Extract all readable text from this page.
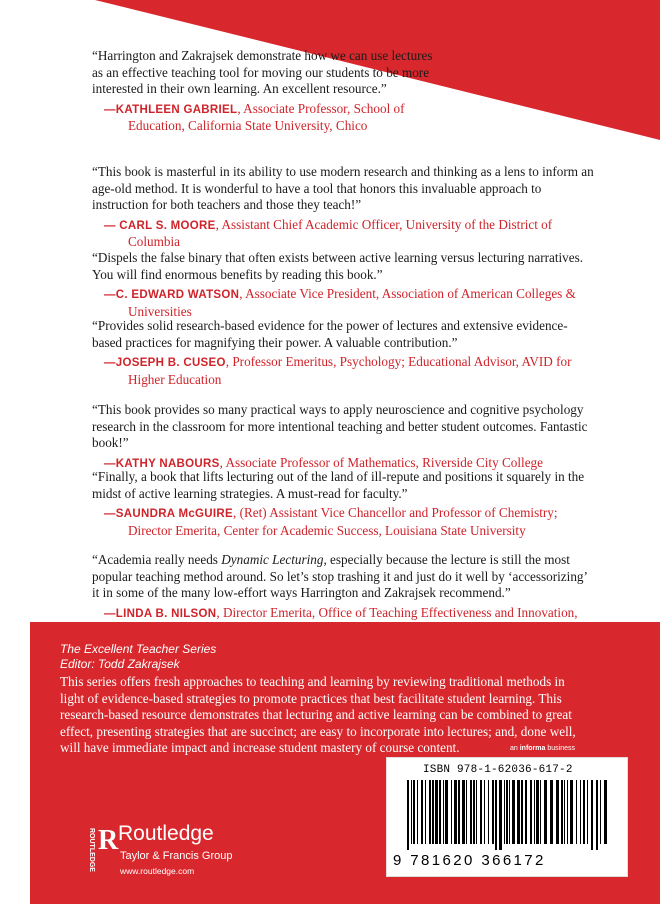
“Harrington and Zakrajsek demonstrate how we can use lectures as an effective teaching tool for moving our students to be more interested in their own learning. An excellent resource.”

—KATHLEEN GABRIEL, Associate Professor, School of Education, California State University, Chico

“This book is masterful in its ability to use modern research and thinking as a lens to inform an age-old method. It is wonderful to have a tool that honors this invaluable approach to instruction for both teachers and those they teach!”

— CARL S. MOORE, Assistant Chief Academic Officer, University of the District of Columbia

“Dispels the false binary that often exists between active learning versus lecturing narratives. You will find enormous benefits by reading this book.”

—C. EDWARD WATSON, Associate Vice President, Association of American Colleges & Universities

“Provides solid research-based evidence for the power of lectures and extensive evidence-based practices for magnifying their power. A valuable contribution.”

—JOSEPH B. CUSEO, Professor Emeritus, Psychology; Educational Advisor, AVID for Higher Education

“This book provides so many practical ways to apply neuroscience and cognitive psychology research in the classroom for more intentional teaching and better student outcomes. Fantastic book!”

—KATHY NABOURS, Associate Professor of Mathematics, Riverside City College

“Finally, a book that lifts lecturing out of the land of ill-repute and positions it squarely in the midst of active learning strategies. A must-read for faculty.”

—SAUNDRA McGUIRE, (Ret) Assistant Vice Chancellor and Professor of Chemistry; Director Emerita, Center for Academic Success, Louisiana State University

“Academia really needs Dynamic Lecturing, especially because the lecture is still the most popular teaching method around. So let’s stop trashing it and just do it well by ‘accessorizing’ it in some of the many low-effort ways Harrington and Zakrajsek recommend.”

—LINDA B. NILSON, Director Emerita, Office of Teaching Effectiveness and Innovation,

The Excellent Teacher Series

Editor: Todd Zakrajsek

This series offers fresh approaches to teaching and learning by reviewing traditional methods in light of evidence-based strategies to promote practices that best facilitate student learning. This research-based resource demonstrates that lecturing and active learning can be combined to great effect, presenting strategies that are succinct; are easy to incorporate into lectures; and, done well, will have immediate impact and increase student mastery of course content.	an informa business
ISBN 978-1-62036-617-2
9 781620 366172
ROUTLEDGE R Routledge
Taylor & Francis Group
www.routledge.com
